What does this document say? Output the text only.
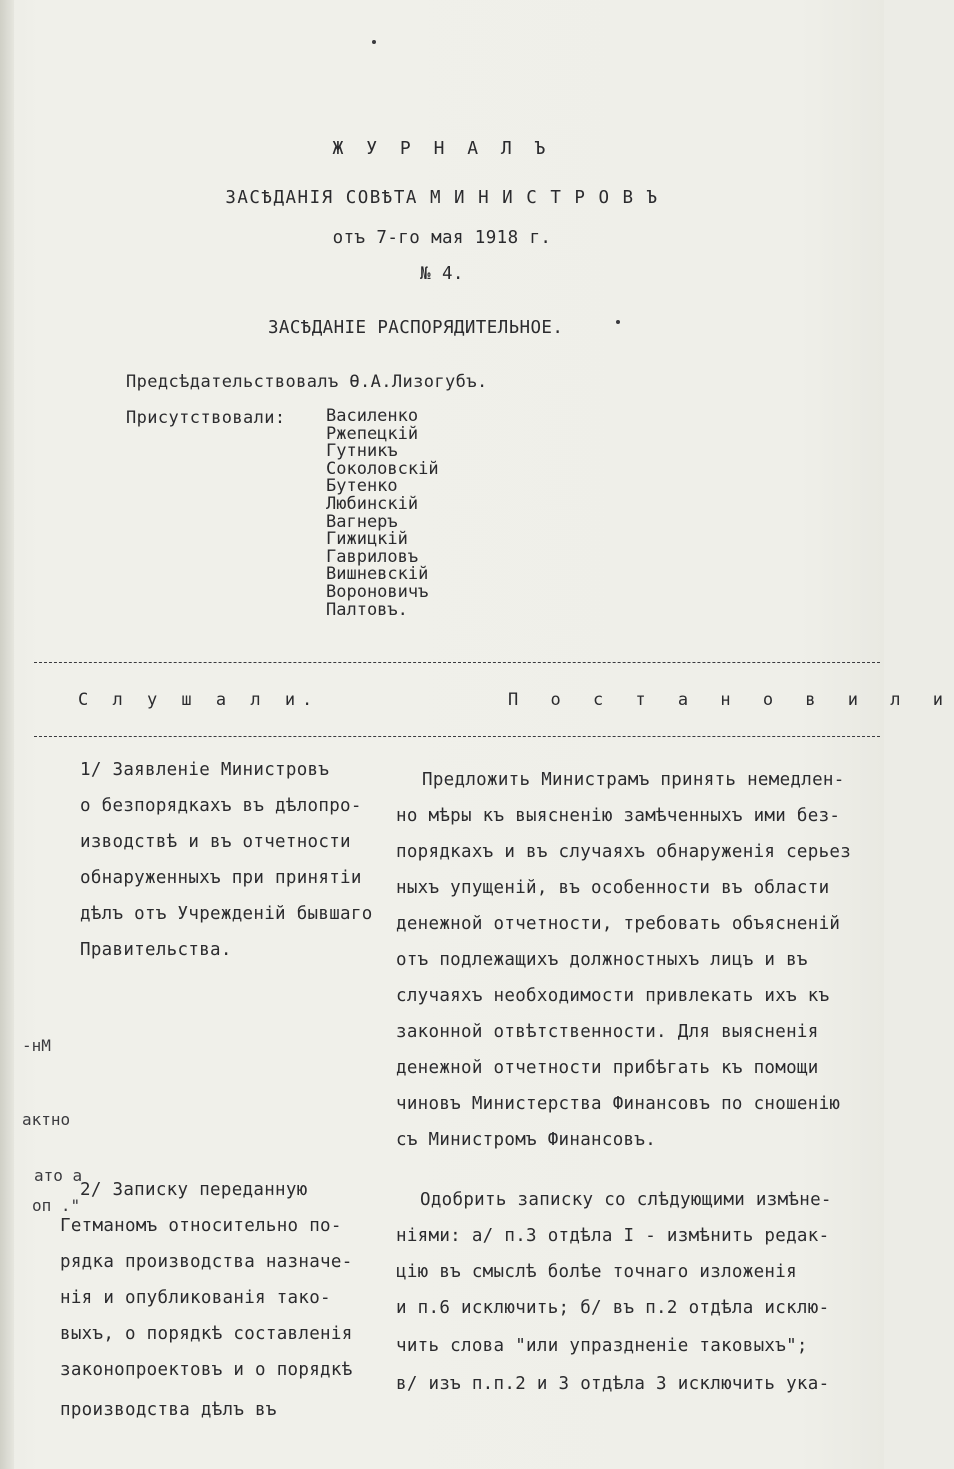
Ж У Р Н А Л Ъ
ЗАСѢДАНIЯ СОВѢТА М И Н И С Т Р О В Ъ
отъ 7-го мая 1918 г.
№ 4.
ЗАСѢДАНIЕ РАСПОРЯДИТЕЛЬНОЕ.
Предсѣдательствовалъ Ѳ.А.Лизогубъ.
Присутствовали: Василенко
Ржепецкiй
Гутникъ
Соколовскiй
Бутенко
Любинскiй
Вагнеръ
Гижицкiй
Гавриловъ
Вишневскiй
Вороновичъ
Палтовъ.
С л у ш а л и.	П о с т а н о в и л и
1/ Заявленiе Министровъ
о безпорядкахъ въ дѣлопро-
изводствѣ и въ отчетности
обнаруженныхъ при принятiи
дѣлъ отъ Учрежденiй бывшаго
Правительства.
Предложить Министрамъ принять немедлен-
но мѣры къ выясненiю замѣченныхъ ими без-
порядкахъ и въ случаяхъ обнаруженiя серьез
ныхъ упущенiй, въ особенности въ области
денежной отчетности, требовать объясненiй
отъ подлежащихъ должностныхъ лицъ и въ
случаяхъ необходимости привлекать ихъ къ
законной отвѣтственности. Для выясненiя
денежной отчетности прибѣгать къ помощи
чиновъ Министерства Финансовъ по сношенiю
съ Министромъ Финансовъ.
-нМ
актно
ато а
оп ."
2/ Записку переданную
Гетманомъ относительно по-
рядка производства назначе-
нiя и опубликованiя тако-
выхъ, о порядкѣ составленiя
законопроектовъ и о порядкѣ
производства дѣлъ въ
Одобрить записку со слѣдующими измѣне-
нiями: а/ п.3 отдѣла I - измѣнить редак-
цiю въ смыслѣ болѣе точнаго изложенiя
и п.6 исключить; б/ въ п.2 отдѣла исклю-
чить слова "или упраздненiе таковыхъ";
в/ изъ п.п.2 и 3 отдѣла 3 исключить ука-
